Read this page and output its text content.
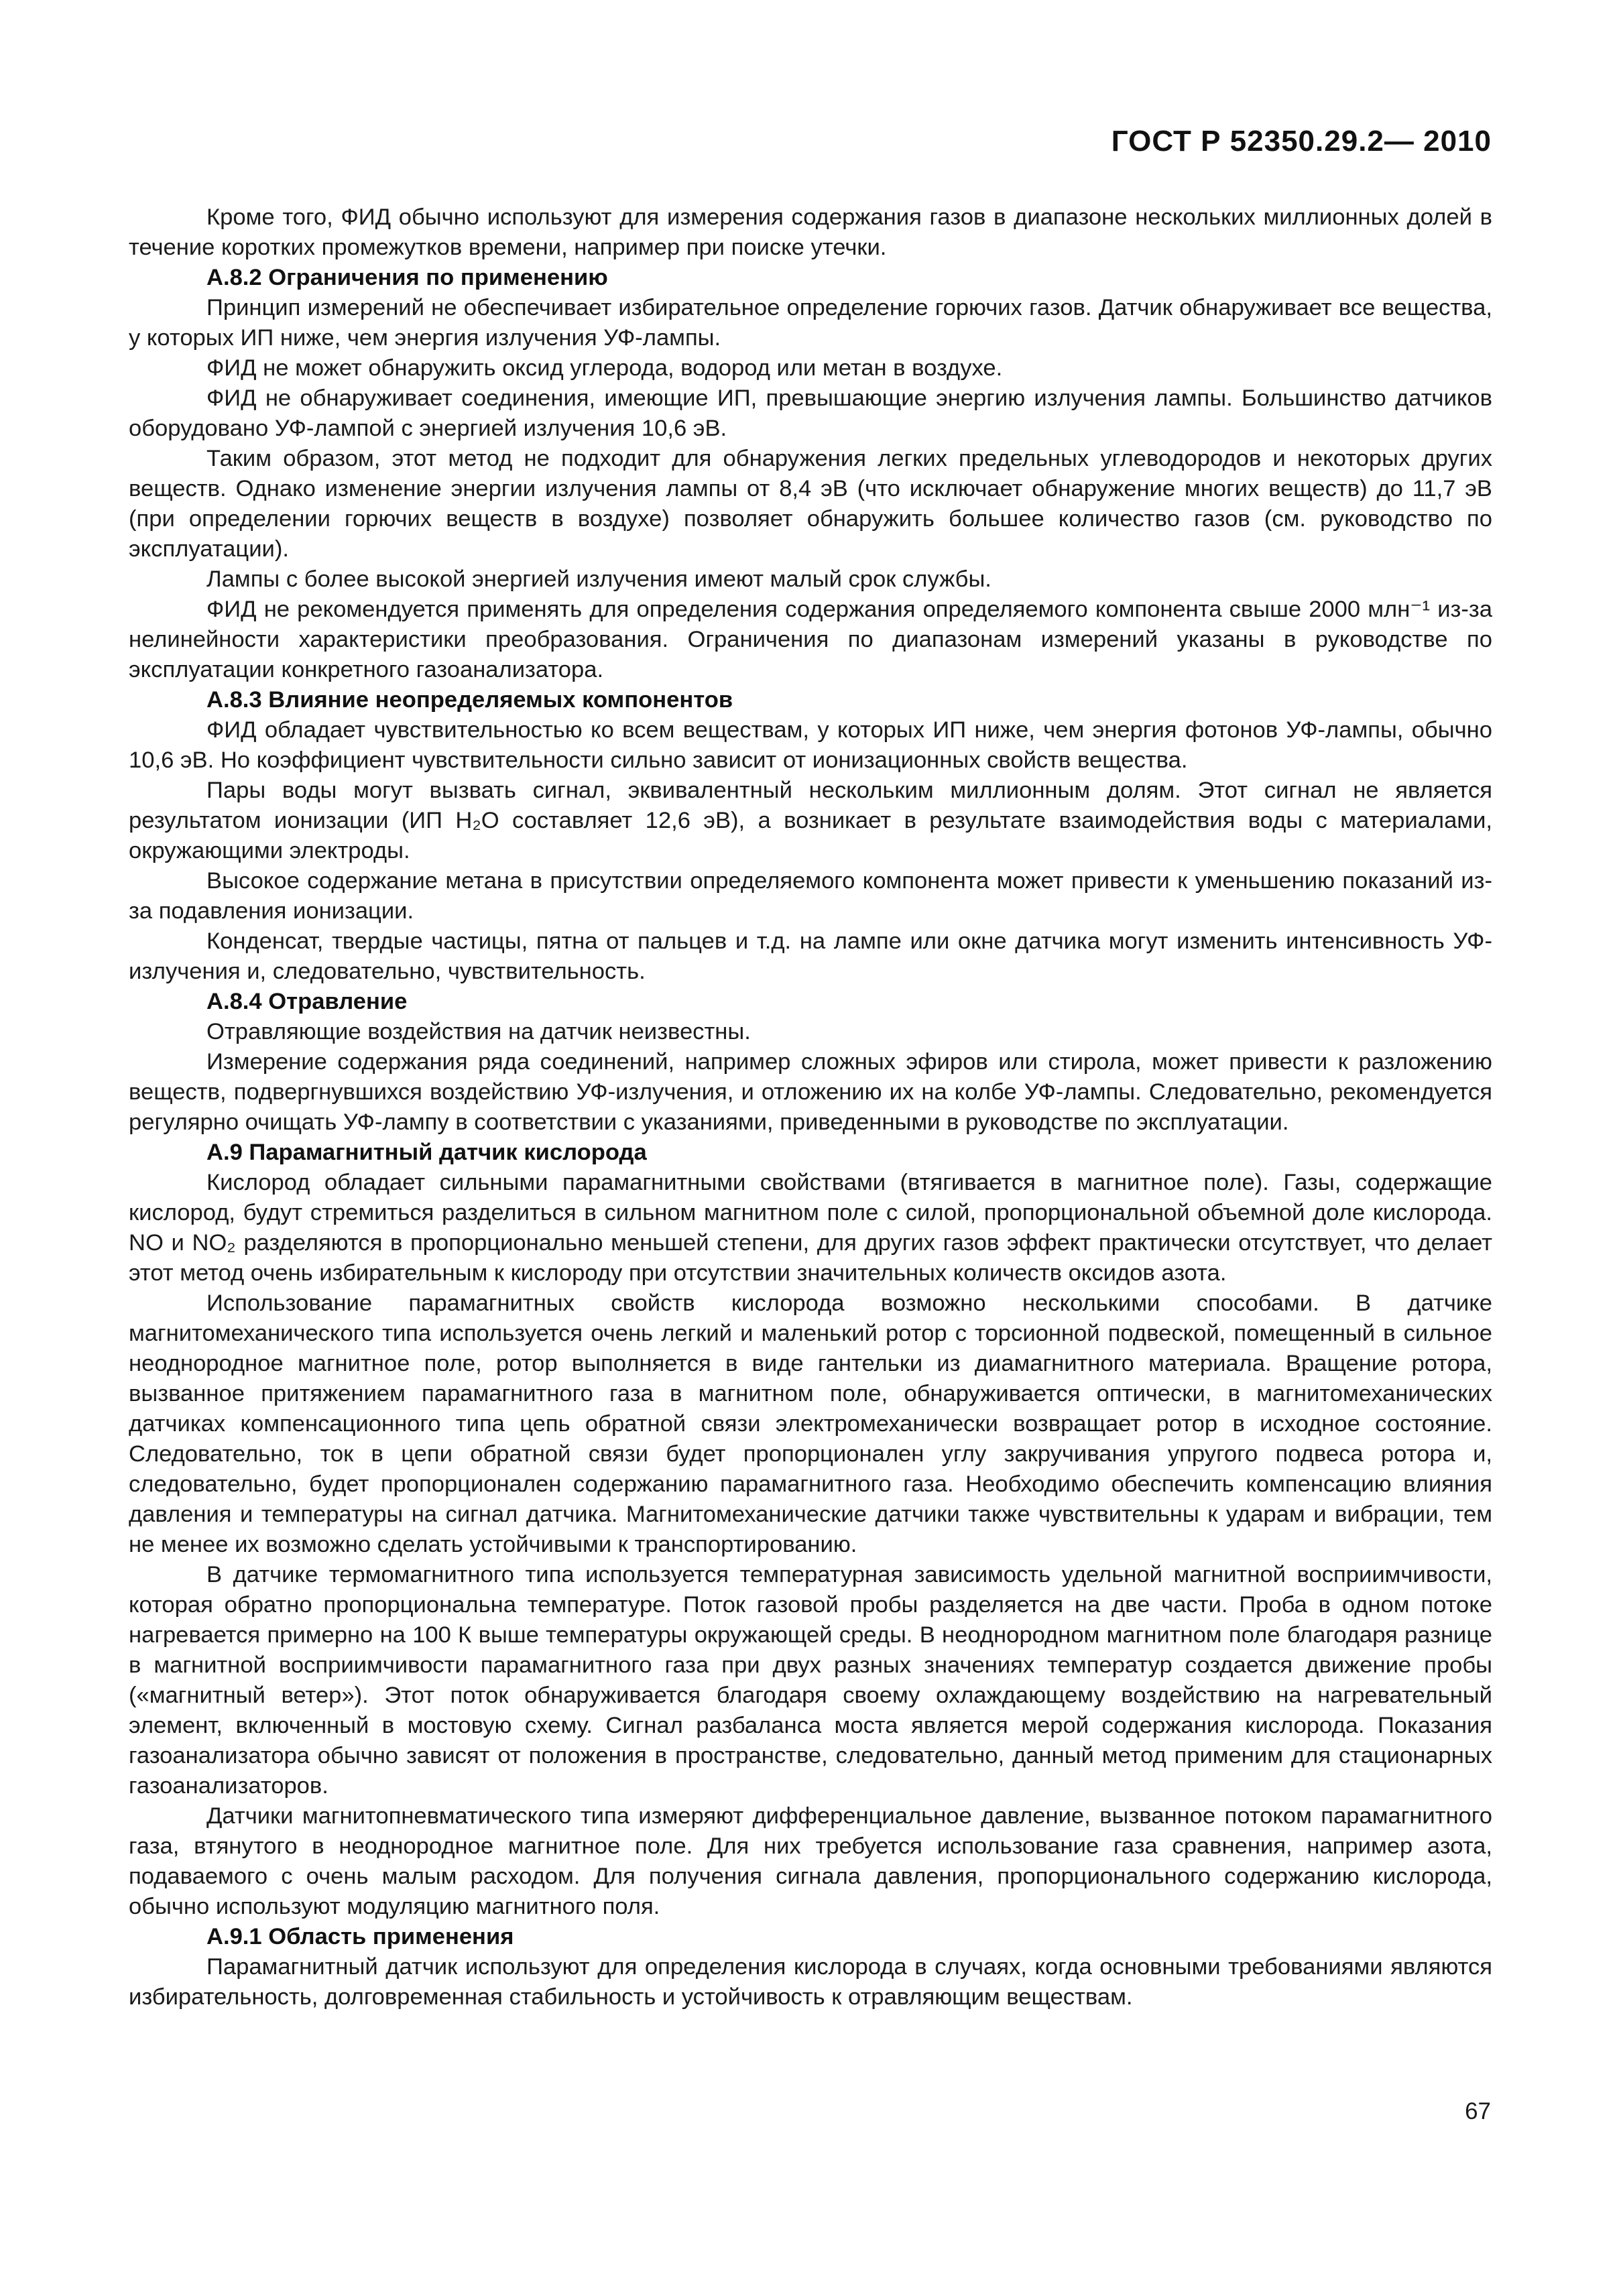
ГОСТ Р 52350.29.2— 2010

Кроме того, ФИД обычно используют для измерения содержания газов в диапазоне нескольких миллионных долей в течение коротких промежутков времени, например при поиске утечки.

А.8.2 Ограничения по применению

Принцип измерений не обеспечивает избирательное определение горючих газов. Датчик обнаруживает все вещества, у которых ИП ниже, чем энергия излучения УФ-лампы.

ФИД не может обнаружить оксид углерода, водород или метан в воздухе.

ФИД не обнаруживает соединения, имеющие ИП, превышающие энергию излучения лампы. Большинство датчиков оборудовано УФ-лампой с энергией излучения 10,6 эВ.

Таким образом, этот метод не подходит для обнаружения легких предельных углеводородов и некоторых других веществ. Однако изменение энергии излучения лампы от 8,4 эВ (что исключает обнаружение многих веществ) до 11,7 эВ (при определении горючих веществ в воздухе) позволяет обнаружить большее количество газов (см. руководство по эксплуатации).

Лампы с более высокой энергией излучения имеют малый срок службы.

ФИД не рекомендуется применять для определения содержания определяемого компонента свыше 2000 млн⁻¹ из-за нелинейности характеристики преобразования. Ограничения по диапазонам измерений указаны в руководстве по эксплуатации конкретного газоанализатора.

А.8.3 Влияние неопределяемых компонентов

ФИД обладает чувствительностью ко всем веществам, у которых ИП ниже, чем энергия фотонов УФ-лампы, обычно 10,6 эВ. Но коэффициент чувствительности сильно зависит от ионизационных свойств вещества.

Пары воды могут вызвать сигнал, эквивалентный нескольким миллионным долям. Этот сигнал не является результатом ионизации (ИП H₂O составляет 12,6 эВ), а возникает в результате взаимодействия воды с материалами, окружающими электроды.

Высокое содержание метана в присутствии определяемого компонента может привести к уменьшению показаний из-за подавления ионизации.

Конденсат, твердые частицы, пятна от пальцев и т.д. на лампе или окне датчика могут изменить интенсивность УФ-излучения и, следовательно, чувствительность.

А.8.4 Отравление

Отравляющие воздействия на датчик неизвестны.

Измерение содержания ряда соединений, например сложных эфиров или стирола, может привести к разложению веществ, подвергнувшихся воздействию УФ-излучения, и отложению их на колбе УФ-лампы. Следовательно, рекомендуется регулярно очищать УФ-лампу в соответствии с указаниями, приведенными в руководстве по эксплуатации.

А.9 Парамагнитный датчик кислорода

Кислород обладает сильными парамагнитными свойствами (втягивается в магнитное поле). Газы, содержащие кислород, будут стремиться разделиться в сильном магнитном поле с силой, пропорциональной объемной доле кислорода. NO и NO₂ разделяются в пропорционально меньшей степени, для других газов эффект практически отсутствует, что делает этот метод очень избирательным к кислороду при отсутствии значительных количеств оксидов азота.

Использование парамагнитных свойств кислорода возможно несколькими способами. В датчике магнитомеханического типа используется очень легкий и маленький ротор с торсионной подвеской, помещенный в сильное неоднородное магнитное поле, ротор выполняется в виде гантельки из диамагнитного материала. Вращение ротора, вызванное притяжением парамагнитного газа в магнитном поле, обнаруживается оптически, в магнитомеханических датчиках компенсационного типа цепь обратной связи электромеханически возвращает ротор в исходное состояние. Следовательно, ток в цепи обратной связи будет пропорционален углу закручивания упругого подвеса ротора и, следовательно, будет пропорционален содержанию парамагнитного газа. Необходимо обеспечить компенсацию влияния давления и температуры на сигнал датчика. Магнитомеханические датчики также чувствительны к ударам и вибрации, тем не менее их возможно сделать устойчивыми к транспортированию.

В датчике термомагнитного типа используется температурная зависимость удельной магнитной восприимчивости, которая обратно пропорциональна температуре. Поток газовой пробы разделяется на две части. Проба в одном потоке нагревается примерно на 100 К выше температуры окружающей среды. В неоднородном магнитном поле благодаря разнице в магнитной восприимчивости парамагнитного газа при двух разных значениях температур создается движение пробы («магнитный ветер»). Этот поток обнаруживается благодаря своему охлаждающему воздействию на нагревательный элемент, включенный в мостовую схему. Сигнал разбаланса моста является мерой содержания кислорода. Показания газоанализатора обычно зависят от положения в пространстве, следовательно, данный метод применим для стационарных газоанализаторов.

Датчики магнитопневматического типа измеряют дифференциальное давление, вызванное потоком парамагнитного газа, втянутого в неоднородное магнитное поле. Для них требуется использование газа сравнения, например азота, подаваемого с очень малым расходом. Для получения сигнала давления, пропорционального содержанию кислорода, обычно используют модуляцию магнитного поля.

А.9.1 Область применения

Парамагнитный датчик используют для определения кислорода в случаях, когда основными требованиями являются избирательность, долговременная стабильность и устойчивость к отравляющим веществам.

67
